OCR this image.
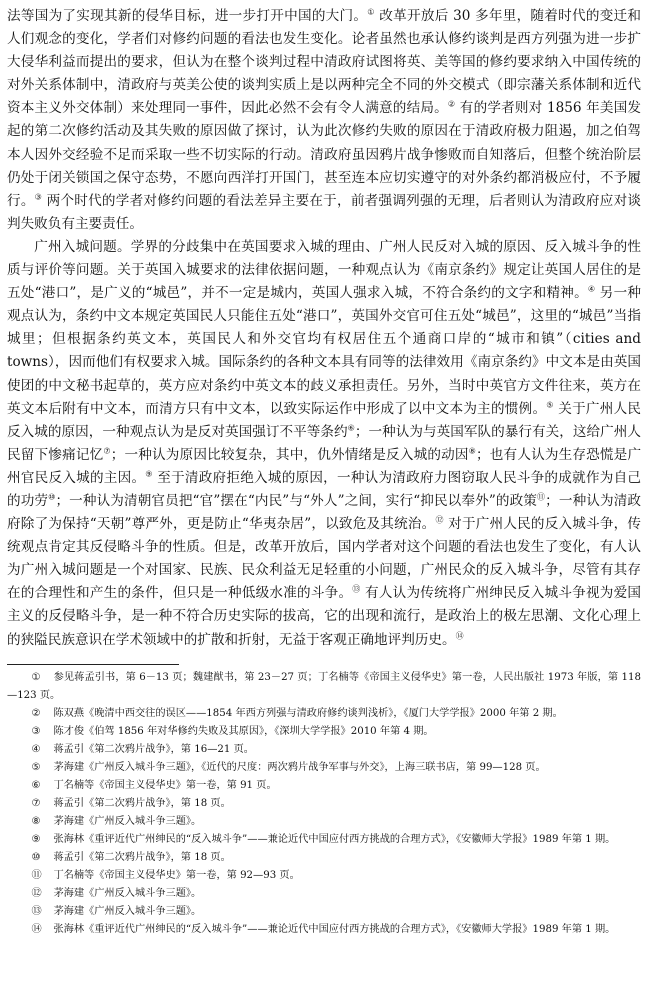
法等国为了实现其新的侵华目标，进一步打开中国的大门。① 改革开放后 30 多年里，随着时代的变迁和人们观念的变化，学者们对修约问题的看法也发生变化。论者虽然也承认修约谈判是西方列强为进一步扩大侵华利益而提出的要求，但认为在整个谈判过程中清政府试图将英、美等国的修约要求纳入中国传统的对外关系体制中，清政府与英美公使的谈判实质上是以两种完全不同的外交模式（即宗藩关系体制和近代资本主义外交体制）来处理同一事件，因此必然不会有令人满意的结局。② 有的学者则对 1856 年美国发起的第二次修约活动及其失败的原因做了探讨，认为此次修约失败的原因在于清政府极力阻遏，加之伯驾本人因外交经验不足而采取一些不切实际的行动。清政府虽因鸦片战争惨败而自知落后，但整个统治阶层仍处于闭关锁国之保守态势，不愿向西洋打开国门，甚至连本应切实遵守的对外条约都消极应付，不予履行。③ 两个时代的学者对修约问题的看法差异主要在于，前者强调列强的无理，后者则认为清政府应对谈判失败负有主要责任。

广州入城问题。学界的分歧集中在英国要求入城的理由、广州人民反对入城的原因、反入城斗争的性质与评价等问题。关于英国入城要求的法律依据问题，一种观点认为《南京条约》规定让英国人居住的是五处“港口”，是广义的“城邑”，并不一定是城内，英国人强求入城，不符合条约的文字和精神。④ 另一种观点认为，条约中文本规定英国民人只能住五处“港口”，英国外交官可住五处“城邑”，这里的“城邑”当指城里；但根据条约英文本，英国民人和外交官均有权居住五个通商口岸的“城市和镇”（cities and towns），因而他们有权要求入城。国际条约的各种文本具有同等的法律效用《南京条约》中文本是由英国使团的中文秘书起草的，英方应对条约中英文本的歧义承担责任。另外，当时中英官方文件往来，英方在英文本后附有中文本，而清方只有中文本，以致实际运作中形成了以中文本为主的惯例。⑤ 关于广州人民反入城的原因，一种观点认为是反对英国强订不平等条约⑥；一种认为与英国军队的暴行有关，这给广州人民留下惨痛记忆⑦；一种认为原因比较复杂，其中，仇外情绪是反入城的动因⑧；也有人认为生存恐慌是广州官民反入城的主因。⑨ 至于清政府拒绝入城的原因，一种认为清政府力图窃取人民斗争的成就作为自己的功劳⑩；一种认为清朝官员把“官”摆在“内民”与“外人”之间，实行“抑民以奉外”的政策⑪；一种认为清政府除了为保持“天朝”尊严外，更是防止“华夷杂居”，以致危及其统治。⑫ 对于广州人民的反入城斗争，传统观点肯定其反侵略斗争的性质。但是，改革开放后，国内学者对这个问题的看法也发生了变化，有人认为广州入城问题是一个对国家、民族、民众利益无足轻重的小问题，广州民众的反入城斗争，尽管有其存在的合理性和产生的条件，但只是一种低级水准的斗争。⑬ 有人认为传统将广州绅民反入城斗争视为爱国主义的反侵略斗争，是一种不符合历史实际的拔高，它的出现和流行，是政治上的极左思潮、文化心理上的狭隘民族意识在学术领域中的扩散和折射，无益于客观正确地评判历史。⑭

① 参见蒋孟引书，第 6－13 页；魏建猷书，第 23－27 页；丁名楠等《帝国主义侵华史》第一卷，人民出版社 1973 年版，第 118—123 页。
② 陈双燕《晚清中西交往的误区——1854 年西方列强与清政府修约谈判浅析》，《厦门大学学报》2000 年第 2 期。
③ 陈才俊《伯驾 1856 年对华修约失败及其原因》，《深圳大学学报》2010 年第 4 期。
④ 蒋孟引《第二次鸦片战争》，第 16—21 页。
⑤ 茅海建《广州反入城斗争三题》，《近代的尺度：两次鸦片战争军事与外交》，上海三联书店，第 99—128 页。
⑥ 丁名楠等《帝国主义侵华史》第一卷，第 91 页。
⑦ 蒋孟引《第二次鸦片战争》，第 18 页。
⑧ 茅海建《广州反入城斗争三题》。
⑨ 张海林《重评近代广州绅民的“反入城斗争”——兼论近代中国应付西方挑战的合理方式》，《安徽师大学报》1989 年第 1 期。
⑩ 蒋孟引《第二次鸦片战争》，第 18 页。
⑪ 丁名楠等《帝国主义侵华史》第一卷，第 92—93 页。
⑫ 茅海建《广州反入城斗争三题》。
⑬ 茅海建《广州反入城斗争三题》。
⑭ 张海林《重评近代广州绅民的“反入城斗争”——兼论近代中国应付西方挑战的合理方式》，《安徽师大学报》1989 年第 1 期。
